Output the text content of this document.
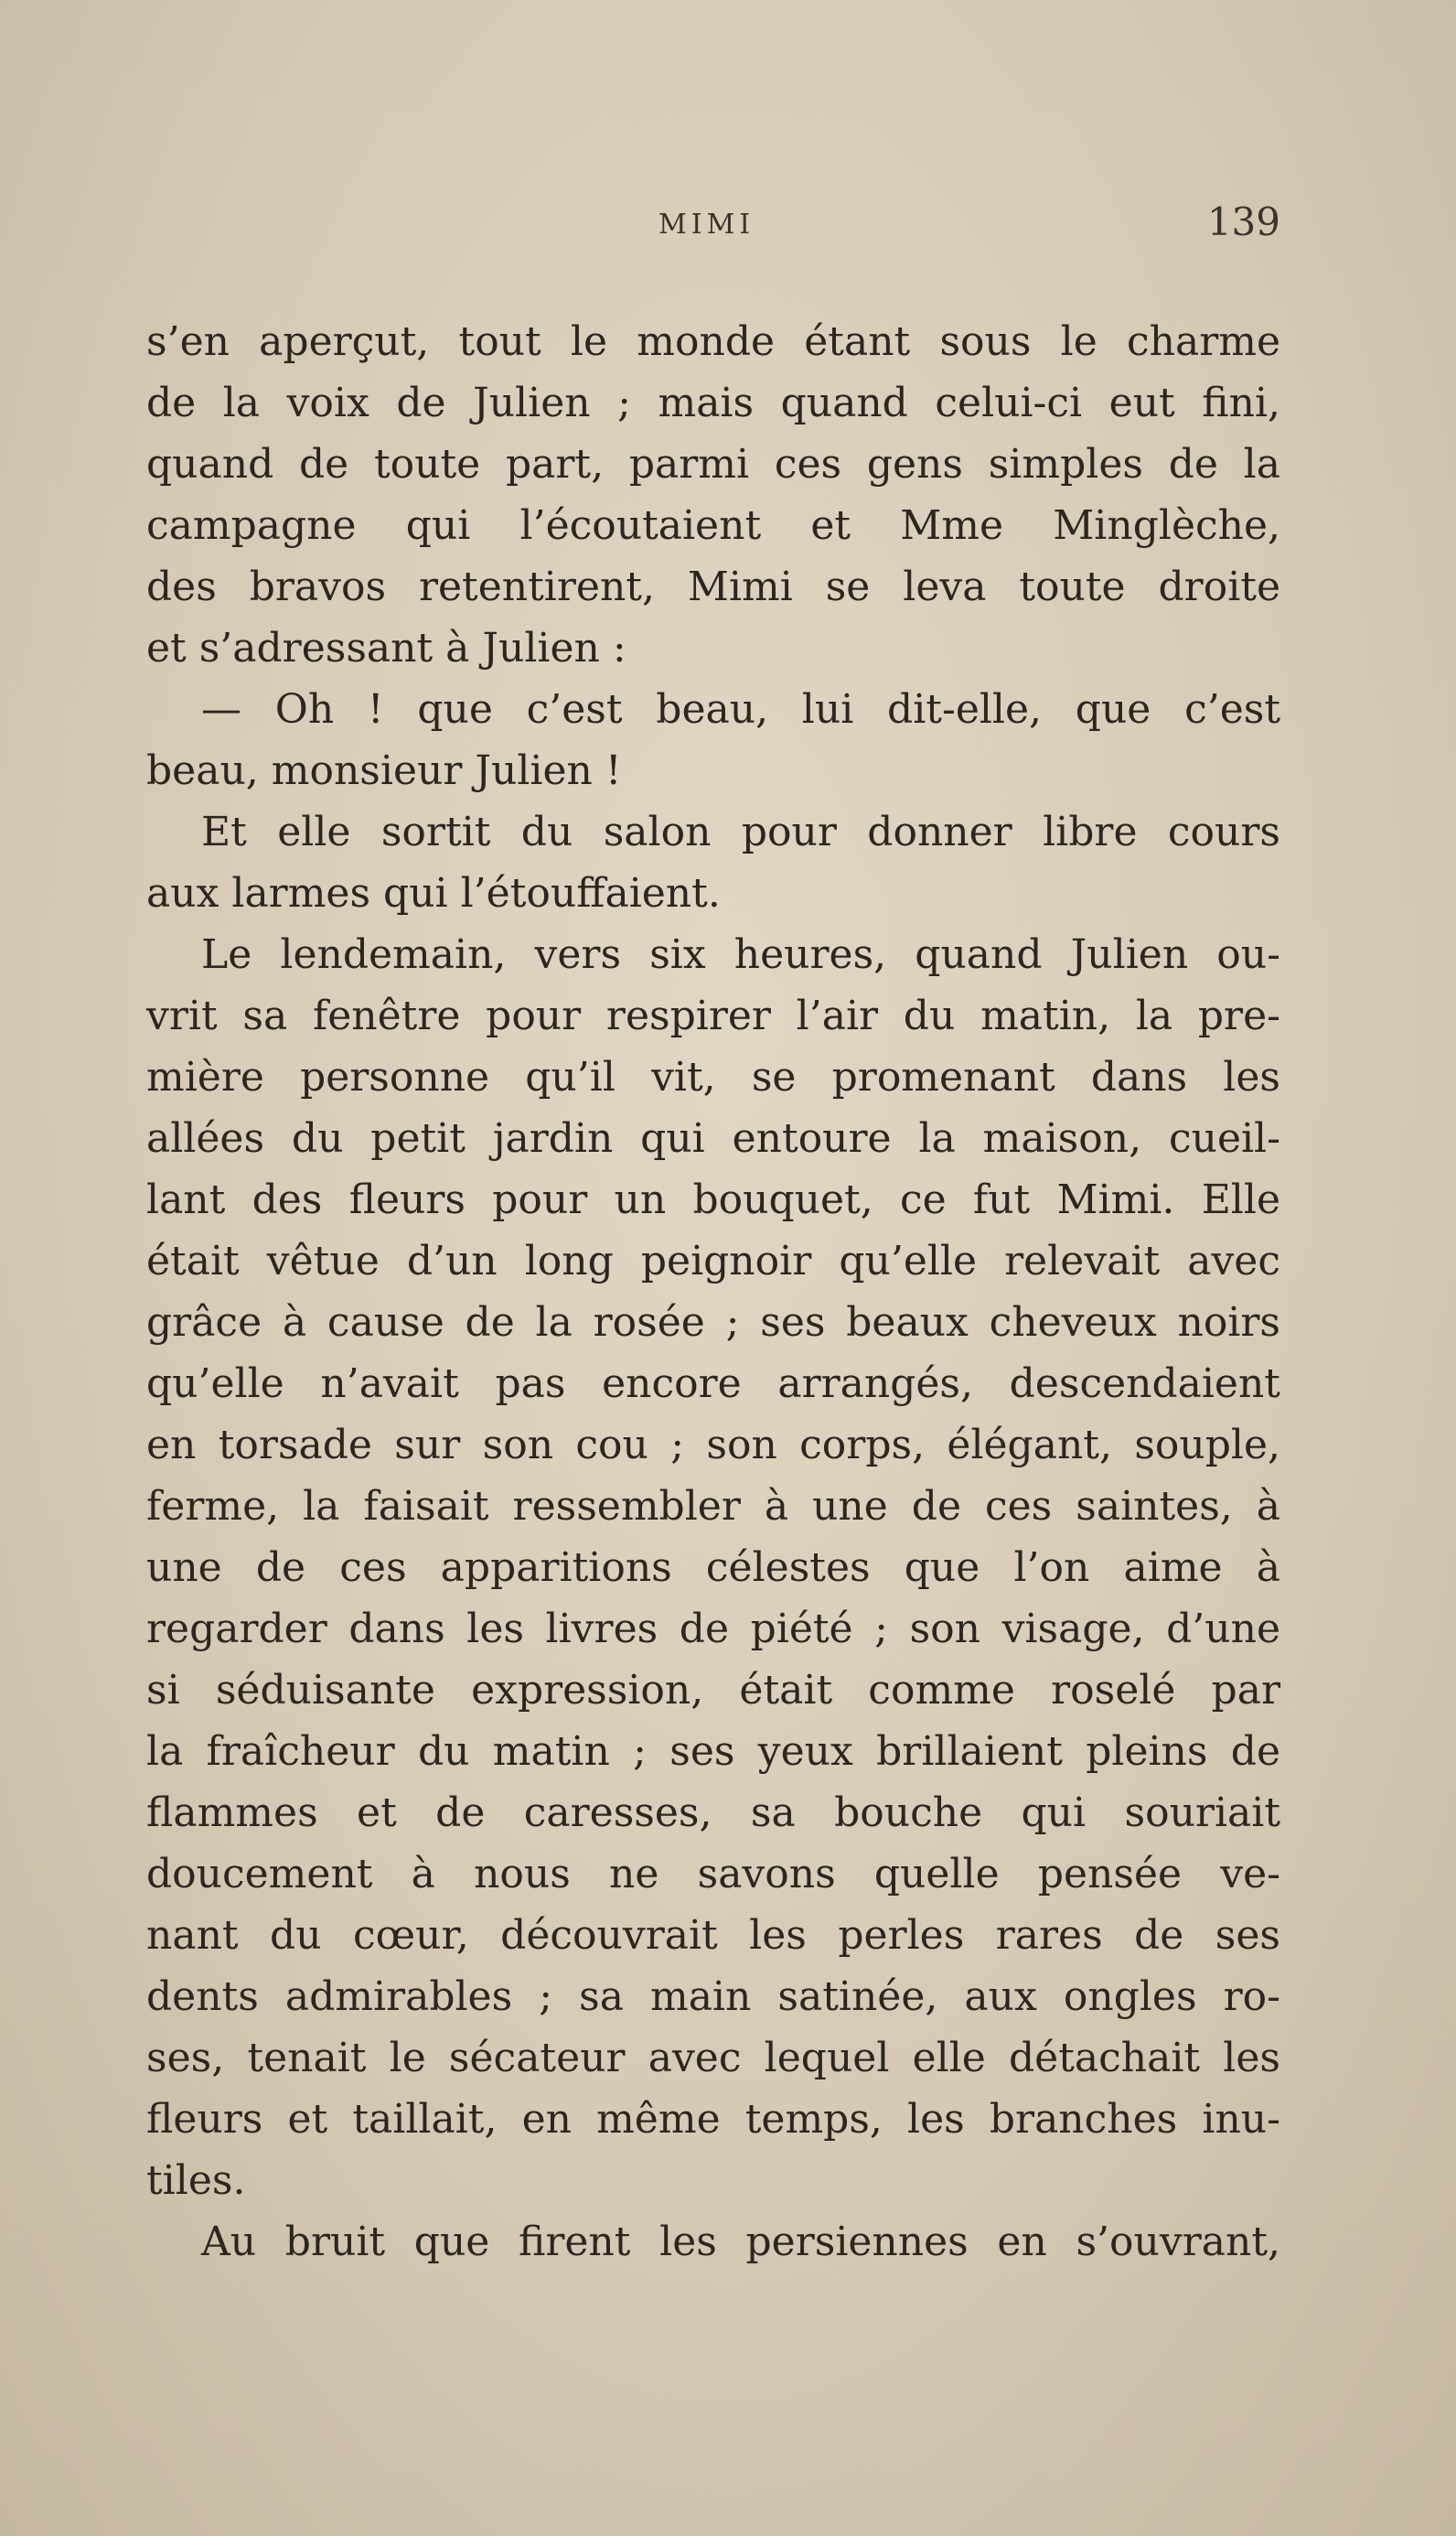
MIMI	139
s’en aperçut, tout le monde étant sous le charme
de la voix de Julien ; mais quand celui-ci eut fini,
quand de toute part, parmi ces gens simples de la
campagne qui l’écoutaient et Mme Minglèche,
des bravos retentirent, Mimi se leva toute droite
et s’adressant à Julien :
— Oh ! que c’est beau, lui dit-elle, que c’est
beau, monsieur Julien !
Et elle sortit du salon pour donner libre cours
aux larmes qui l’étouffaient.
Le lendemain, vers six heures, quand Julien ou-
vrit sa fenêtre pour respirer l’air du matin, la pre-
mière personne qu’il vit, se promenant dans les
allées du petit jardin qui entoure la maison, cueil-
lant des fleurs pour un bouquet, ce fut Mimi. Elle
était vêtue d’un long peignoir qu’elle relevait avec
grâce à cause de la rosée ; ses beaux cheveux noirs
qu’elle n’avait pas encore arrangés, descendaient
en torsade sur son cou ; son corps, élégant, souple,
ferme, la faisait ressembler à une de ces saintes, à
une de ces apparitions célestes que l’on aime à
regarder dans les livres de piété ; son visage, d’une
si séduisante expression, était comme roselé par
la fraîcheur du matin ; ses yeux brillaient pleins de
flammes et de caresses, sa bouche qui souriait
doucement à nous ne savons quelle pensée ve-
nant du cœur, découvrait les perles rares de ses
dents admirables ; sa main satinée, aux ongles ro-
ses, tenait le sécateur avec lequel elle détachait les
fleurs et taillait, en même temps, les branches inu-
tiles.
Au bruit que firent les persiennes en s’ouvrant,
